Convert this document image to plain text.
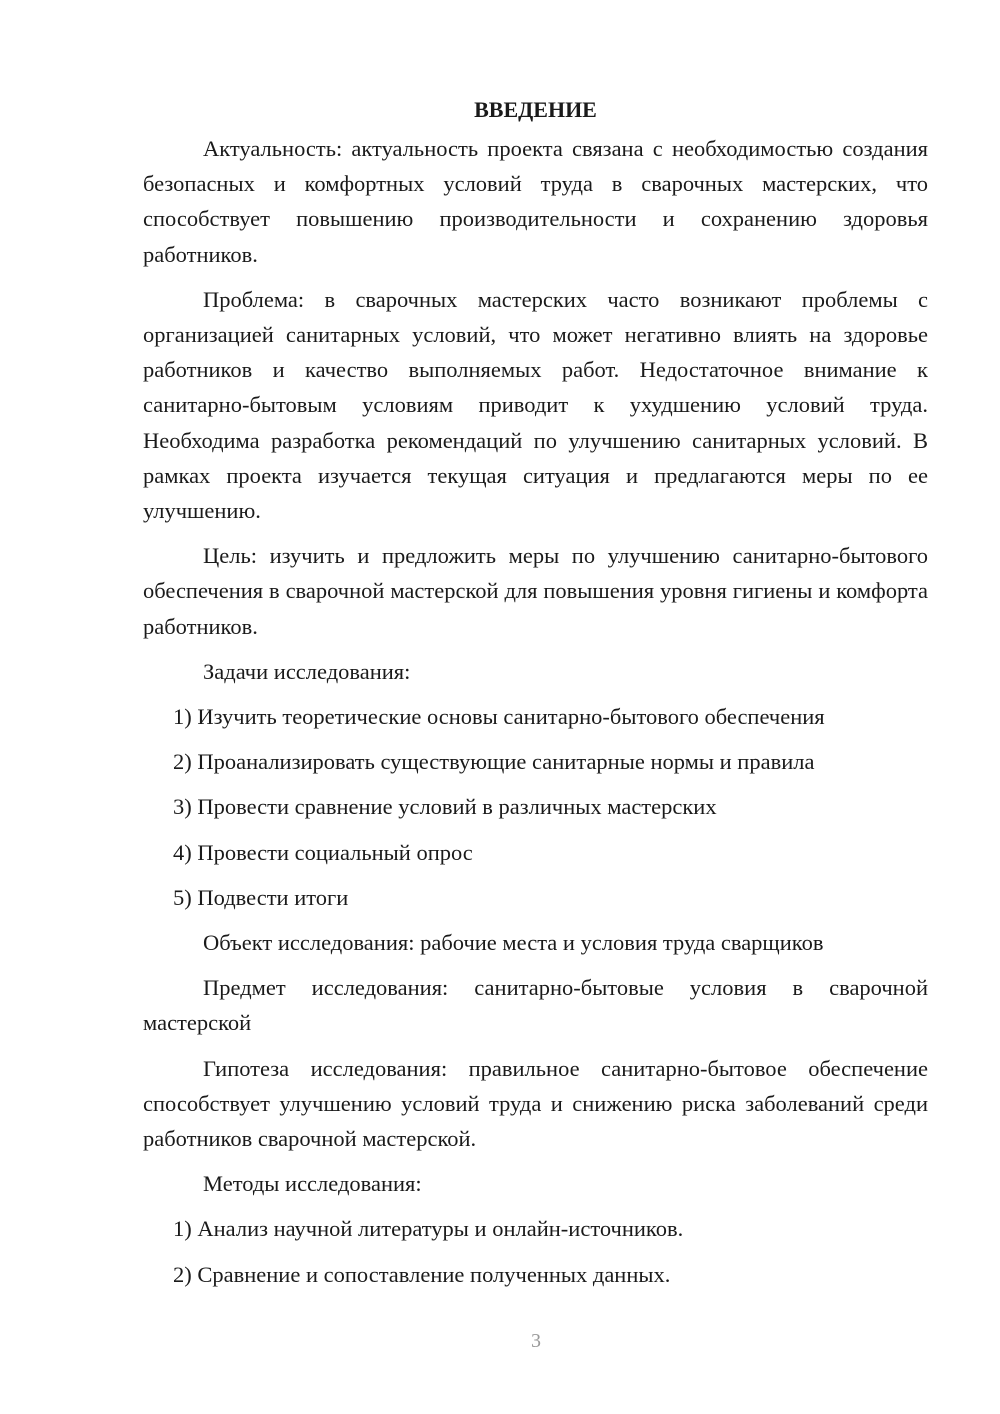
ВВЕДЕНИЕ

Актуальность: актуальность проекта связана с необходимостью создания безопасных и комфортных условий труда в сварочных мастерских, что способствует повышению производительности и сохранению здоровья работников.

Проблема: в сварочных мастерских часто возникают проблемы с организацией санитарных условий, что может негативно влиять на здоровье работников и качество выполняемых работ. Недостаточное внимание к санитарно-бытовым условиям приводит к ухудшению условий труда. Необходима разработка рекомендаций по улучшению санитарных условий. В рамках проекта изучается текущая ситуация и предлагаются меры по ее улучшению.

Цель: изучить и предложить меры по улучшению санитарно-бытового обеспечения в сварочной мастерской для повышения уровня гигиены и комфорта работников.

Задачи исследования:

1) Изучить теоретические основы санитарно-бытового обеспечения
2) Проанализировать существующие санитарные нормы и правила
3) Провести сравнение условий в различных мастерских
4) Провести социальный опрос
5) Подвести итоги

Объект исследования: рабочие места и условия труда сварщиков

Предмет исследования: санитарно-бытовые условия в сварочной мастерской

Гипотеза исследования: правильное санитарно-бытовое обеспечение способствует улучшению условий труда и снижению риска заболеваний среди работников сварочной мастерской.

Методы исследования:

1) Анализ научной литературы и онлайн-источников.
2) Сравнение и сопоставление полученных данных.
3
